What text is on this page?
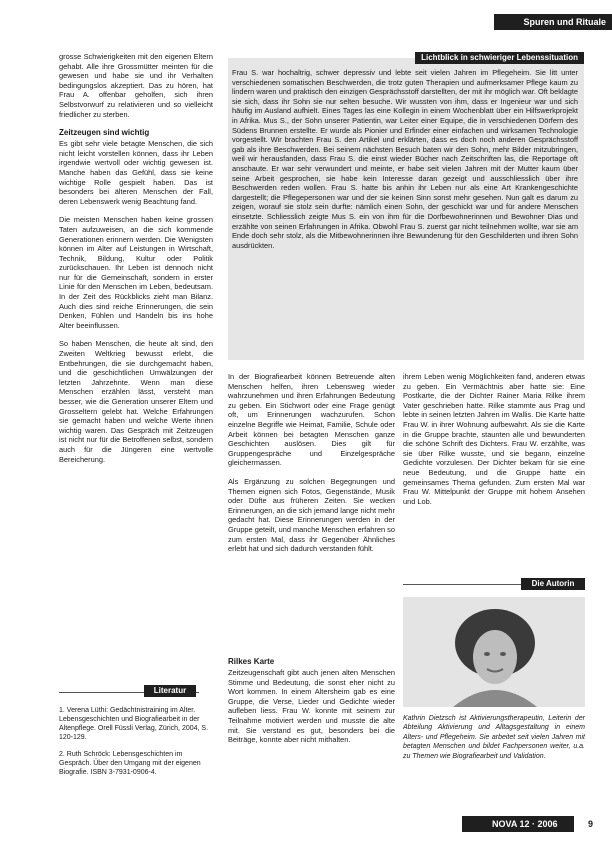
Spuren und Rituale

grosse Schwierigkeiten mit den eigenen Eltern gehabt. Alle ihre Grossmütter meinten für die gewesen und habe sie und ihr Verhalten bedingungslos akzeptiert. Das zu hören, hat Frau A. offenbar geholfen, sich ihren Selbstvorwurf zu relativieren und so vielleicht friedlicher zu sterben.

Zeitzeugen sind wichtig

Es gibt sehr viele betagte Menschen, die sich nicht leicht vorstellen können, dass ihr Leben irgendwie wertvoll oder wichtig gewesen ist. Manche haben das Gefühl, dass sie keine wichtige Rolle gespielt haben. Das ist besonders bei älteren Menschen der Fall, deren Lebenswerk wenig Beachtung fand.

Die meisten Menschen haben keine grossen Taten aufzuweisen, an die sich kommende Generationen erinnern werden. Die Wenigsten können im Alter auf Leistungen in Wirtschaft, Technik, Bildung, Kultur oder Politik zurückschauen. Ihr Leben ist dennoch nicht nur für die Gemeinschaft, sondern in erster Linie für den Menschen im Leben, bedeutsam. In der Zeit des Rückblicks zieht man Bilanz. Auch dies sind reiche Erinnerungen, die sein Denken, Fühlen und Handeln bis ins hohe Alter beeinflussen.

So haben Menschen, die heute alt sind, den Zweiten Weltkrieg bewusst erlebt, die Entbehrungen, die sie durchgemacht haben, und die geschichtlichen Umwälzungen der letzten Jahrzehnte. Wenn man diese Menschen erzählen lässt, versteht man besser, wie die Generation unserer Eltern und Grosseltern gelebt hat. Welche Erfahrungen sie gemacht haben und welche Werte ihnen wichtig waren. Das Gespräch mit Zeitzeugen ist nicht nur für die Betroffenen selbst, sondern auch für die Jüngeren eine wertvolle Bereicherung.

Lichtblick in schwieriger Lebenssituation
Frau S. war hochaltrig, schwer depressiv und lebte seit vielen Jahren im Pflegeheim. Sie litt unter verschiedenen somatischen Beschwerden, die trotz guten Therapien und aufmerksamer Pflege kaum zu lindern waren und praktisch den einzigen Gesprächsstoff darstellten, der mit ihr möglich war. Oft beklagte sie sich, dass ihr Sohn sie nur selten besuche. Wir wussten von ihm, dass er Ingenieur war und sich häufig im Ausland aufhielt. Eines Tages las eine Kollegin in einem Wochenblatt über ein Hilfswerkprojekt in Afrika. Mus S., der Sohn unserer Patientin, war Leiter einer Equipe, die in verschiedenen Dörfern des Südens Brunnen erstellte. Er wurde als Pionier und Erfinder einer einfachen und wirksamen Technologie vorgestellt. Wir brachten Frau S. den Artikel und erklärten, dass es doch noch anderen Gesprächsstoff gab als ihre Beschwerden. Bei seinem nächsten Besuch baten wir den Sohn, mehr Bilder mitzubringen, weil wir herausfanden, dass Frau S. die einst wieder Bücher nach Zeitschriften las, die Reportage oft anschaute. Er war sehr verwundert und meinte, er habe seit vielen Jahren mit der Mutter kaum über seine Arbeit gesprochen, sie habe kein Interesse daran gezeigt und ausschliesslich über ihre Beschwerden reden wollen. Frau S. hatte bis anhin ihr Leben nur als eine Art Krankengeschichte dargestellt; die Pflegepersonen war und der sie keinen Sinn sonst mehr gesehen. Nun galt es darum zu zeigen, worauf sie stolz sein durfte: nämlich einen Sohn, der geschickt war und für andere Menschen einsetzte. Schliesslich zeigte Mus S. ein von ihm für die Dorfbewohnerinnen und Bewohner Dias und erzählte von seinen Erfahrungen in Afrika. Obwohl Frau S. zuerst gar nicht teilnehmen wollte, war sie am Ende doch sehr stolz, als die Mitbewohnerinnen ihre Bewunderung für den Geschilderten und ihren Sohn ausdrückten.

In der Biografiearbeit können Betreuende alten Menschen helfen, ihren Lebensweg wieder wahrzunehmen und ihren Erfahrungen Bedeutung zu geben. Ein Stichwort oder eine Frage genügt oft, um Erinnerungen wachzurufen. Schon einzelne Begriffe wie Heimat, Familie, Schule oder Arbeit können bei betagten Menschen ganze Geschichten auslösen. Dies gilt für Gruppengespräche und Einzelgespräche gleichermassen.

Als Ergänzung zu solchen Begegnungen und Themen eignen sich Fotos, Gegenstände, Musik oder Düfte aus früheren Zeiten. Sie wecken Erinnerungen, an die sich jemand lange nicht mehr gedacht hat. Diese Erinnerungen werden in der Gruppe geteilt, und manche Menschen erfahren so zum ersten Mal, dass ihr Gegenüber Ähnliches erlebt hat und sich dadurch verstanden fühlt.

Rilkes Karte

Zeitzeugenschaft gibt auch jenen alten Menschen Stimme und Bedeutung, die sonst eher nicht zu Wort kommen. In einem Altersheim gab es eine Gruppe, die Verse, Lieder und Gedichte wieder aufleben liess. Frau W. konnte mit seinem zur Teilnahme motiviert werden und musste die alte mit. Sie verstand es gut, besonders bei die Beiträge, konnte aber nicht mithalten.

ihrem Leben wenig Möglichkeiten fand, anderen etwas zu geben. Ein Vermächtnis aber hatte sie: Eine Postkarte, die der Dichter Rainer Maria Rilke ihrem Vater geschrieben hatte. Rilke stammte aus Prag und lebte in seinen letzten Jahren im Wallis. Die Karte hatte Frau W. in ihrer Wohnung aufbewahrt. Als sie die Karte in die Gruppe brachte, staunten alle und bewunderten die schöne Schrift des Dichters. Frau W. erzählte, was sie über Rilke wusste, und sie begann, einzelne Gedichte vorzulesen. Der Dichter bekam für sie eine neue Bedeutung, und die Gruppe hatte ein gemeinsames Thema gefunden. Zum ersten Mal war Frau W. Mittelpunkt der Gruppe mit hohem Ansehen und Lob.

Literatur

1. Verena Lüthi: Gedächtnistraining im Alter. Lebensgeschichten und Biografiearbeit in der Altenpflege. Orell Füssli Verlag, Zürich, 2004, S. 120-129.

2. Ruth Schröck: Lebensgeschichten im Gespräch. Über den Umgang mit der eigenen Biografie. ISBN 3-7931-0906-4.

Die Autorin
Kathrin Dietzsch ist Aktivierungstherapeutin, Leiterin der Abteilung Aktivierung und Alltagsgestaltung in einem Alters- und Pflegeheim. Sie arbeitet seit vielen Jahren mit betagten Menschen und bildet Fachpersonen weiter, u.a. zu Themen wie Biografiearbeit und Validation.
NOVA 12 · 2006	9
